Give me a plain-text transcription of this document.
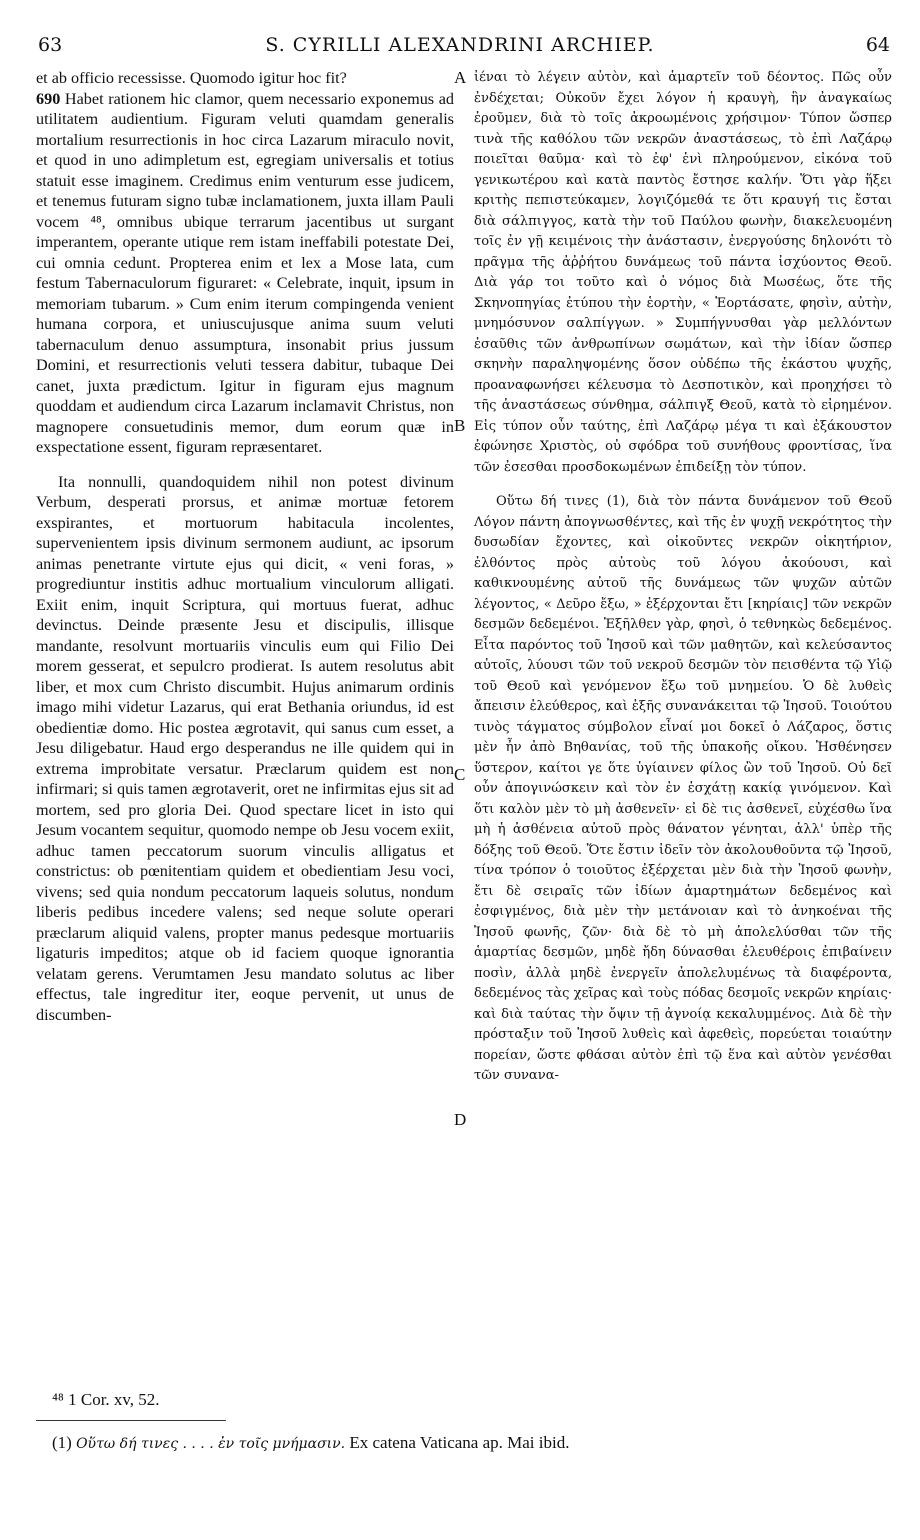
63	S. CYRILLI ALEXANDRINI ARCHIEP.	64

et ab officio recessisse. Quomodo igitur hoc fit?
690 Habet rationem hic clamor, quem necessario exponemus ad utilitatem audientium. Figuram veluti quamdam generalis mortalium resurrectionis in hoc circa Lazarum miraculo novit, et quod in uno adimpletum est, egregiam universalis et totius statuit esse imaginem. Credimus enim venturum esse judicem, et tenemus futuram signo tubæ inclamationem, juxta illam Pauli vocem ⁴⁸, omnibus ubique terrarum jacentibus ut surgant imperantem, operante utique rem istam ineffabili potestate Dei, cui omnia cedunt. Propterea enim et lex a Mose lata, cum festum Tabernaculorum figuraret: « Celebrate, inquit, ipsum in memoriam tubarum. » Cum enim iterum compingenda venient humana corpora, et uniuscujusque anima suum veluti tabernaculum denuo assumptura, insonabit prius jussum Domini, et resurrectionis veluti tessera dabitur, tubaque Dei canet, juxta prædictum. Igitur in figuram ejus magnum quoddam et audiendum circa Lazarum inclamavit Christus, non magnopere consuetudinis memor, dum eorum quæ in exspectatione essent, figuram repræsentaret.

Ita nonnulli, quandoquidem nihil non potest divinum Verbum, desperati prorsus, et animæ mortuæ fetorem exspirantes, et mortuorum habitacula incolentes, supervenientem ipsis divinum sermonem audiunt, ac ipsorum animas penetrante virtute ejus qui dicit, « veni foras, » progrediuntur institis adhuc mortualium vinculorum alligati. Exiit enim, inquit Scriptura, qui mortuus fuerat, adhuc devinctus. Deinde præsente Jesu et discipulis, illisque mandante, resolvunt mortuariis vinculis eum qui Filio Dei morem gesserat, et sepulcro prodierat. Is autem resolutus abit liber, et mox cum Christo discumbit. Hujus animarum ordinis imago mihi videtur Lazarus, qui erat Bethania oriundus, id est obedientiæ domo. Hic postea ægrotavit, qui sanus cum esset, a Jesu diligebatur. Haud ergo desperandus ne ille quidem qui in extrema improbitate versatur. Præclarum quidem est non infirmari; si quis tamen ægrotaverit, oret ne infirmitas ejus sit ad mortem, sed pro gloria Dei. Quod spectare licet in isto qui Jesum vocantem sequitur, quomodo nempe ob Jesu vocem exiit, adhuc tamen peccatorum suorum vinculis alligatus et constrictus: ob pœnitentiam quidem et obedientiam Jesu voci, vivens; sed quia nondum peccatorum laqueis solutus, nondum liberis pedibus incedere valens; sed neque solute operari præclarum aliquid valens, propter manus pedesque mortuariis ligaturis impeditos; atque ob id faciem quoque ignorantia velatam gerens. Verumtamen Jesu mandato solutus ac liber effectus, tale ingreditur iter, eoque pervenit, ut unus de discumben-

A
B
C
D

ἰέναι τὸ λέγειν αὐτὸν, καὶ ἁμαρτεῖν τοῦ δέοντος. Πῶς οὖν ἐνδέχεται; Οὐκοῦν ἔχει λόγον ἡ κραυγὴ, ἣν ἀναγκαίως ἐροῦμεν, διὰ τὸ τοῖς ἀκροωμένοις χρήσιμον· Τύπον ὥσπερ τινὰ τῆς καθόλου τῶν νεκρῶν ἀναστάσεως, τὸ ἐπὶ Λαζάρῳ ποιεῖται θαῦμα· καὶ τὸ ἐφ' ἑνὶ πληρούμενον, εἰκόνα τοῦ γενικωτέρου καὶ κατὰ παντὸς ἔστησε καλήν. Ὅτι γὰρ ἥξει κριτὴς πεπιστεύκαμεν, λογιζόμεθά τε ὅτι κραυγή τις ἔσται διὰ σάλπιγγος, κατὰ τὴν τοῦ Παύλου φωνὴν, διακελευομένη τοῖς ἐν γῇ κειμένοις τὴν ἀνάστασιν, ἐνεργούσης δηλονότι τὸ πρᾶγμα τῆς ἀῤῥήτου δυνάμεως τοῦ πάντα ἰσχύοντος Θεοῦ. Διὰ γάρ τοι τοῦτο καὶ ὁ νόμος διὰ Μωσέως, ὅτε τῆς Σκηνοπηγίας ἐτύπου τὴν ἑορτὴν, « Ἑορτάσατε, φησὶν, αὐτὴν, μνημόσυνον σαλπίγγων. » Συμπήγνυσθαι γὰρ μελλόντων ἐσαῦθις τῶν ἀνθρωπίνων σωμάτων, καὶ τὴν ἰδίαν ὥσπερ σκηνὴν παραληψομένης ὅσον οὐδέπω τῆς ἑκάστου ψυχῆς, προαναφωνήσει κέλευσμα τὸ Δεσποτικὸν, καὶ προηχήσει τὸ τῆς ἀναστάσεως σύνθημα, σάλπιγξ Θεοῦ, κατὰ τὸ εἰρημένον. Εἰς τύπον οὖν ταύτης, ἐπὶ Λαζάρῳ μέγα τι καὶ ἐξάκουστον ἐφώνησε Χριστὸς, οὐ σφόδρα τοῦ συνήθους φροντίσας, ἵνα τῶν ἐσεσθαι προσδοκωμένων ἐπιδείξῃ τὸν τύπον.

Οὕτω δή τινες (1), διὰ τὸν πάντα δυνάμενον τοῦ Θεοῦ Λόγον πάντη ἀπογνωσθέντες, καὶ τῆς ἐν ψυχῇ νεκρότητος τὴν δυσωδίαν ἔχοντες, καὶ οἰκοῦντες νεκρῶν οἰκητήριον, ἐλθόντος πρὸς αὐτοὺς τοῦ λόγου ἀκούουσι, καὶ καθικνουμένης αὐτοῦ τῆς δυνάμεως τῶν ψυχῶν αὐτῶν λέγοντος, « Δεῦρο ἔξω, » ἐξέρχονται ἔτι [κηρίαις] τῶν νεκρῶν δεσμῶν δεδεμένοι. Ἐξῆλθεν γὰρ, φησὶ, ὁ τεθνηκὼς δεδεμένος. Εἶτα παρόντος τοῦ Ἰησοῦ καὶ τῶν μαθητῶν, καὶ κελεύσαντος αὐτοῖς, λύουσι τῶν τοῦ νεκροῦ δεσμῶν τὸν πεισθέντα τῷ Υἱῷ τοῦ Θεοῦ καὶ γενόμενον ἔξω τοῦ μνημείου. Ὁ δὲ λυθεὶς ἄπεισιν ἐλεύθερος, καὶ ἑξῆς συνανάκειται τῷ Ἰησοῦ. Τοιούτου τινὸς τάγματος σύμβολον εἶναί μοι δοκεῖ ὁ Λάζαρος, ὅστις μὲν ἦν ἀπὸ Βηθανίας, τοῦ τῆς ὑπακοῆς οἴκου. Ἠσθένησεν ὕστερον, καίτοι γε ὅτε ὑγίαινεν φίλος ὢν τοῦ Ἰησοῦ. Οὐ δεῖ οὖν ἀπογινώσκειν καὶ τὸν ἐν ἐσχάτῃ κακίᾳ γινόμενον. Καὶ ὅτι καλὸν μὲν τὸ μὴ ἀσθενεῖν· εἰ δὲ τις ἀσθενεῖ, εὐχέσθω ἵνα μὴ ἡ ἀσθένεια αὐτοῦ πρὸς θάνατον γένηται, ἀλλ' ὑπὲρ τῆς δόξης τοῦ Θεοῦ. Ὅτε ἔστιν ἰδεῖν τὸν ἀκολουθοῦντα τῷ Ἰησοῦ, τίνα τρόπον ὁ τοιοῦτος ἐξέρχεται μὲν διὰ τὴν Ἰησοῦ φωνὴν, ἔτι δὲ σειραῖς τῶν ἰδίων ἁμαρτημάτων δεδεμένος καὶ ἐσφιγμένος, διὰ μὲν τὴν μετάνοιαν καὶ τὸ ἀνηκοέναι τῆς Ἰησοῦ φωνῆς, ζῶν· διὰ δὲ τὸ μὴ ἀπολελύσθαι τῶν τῆς ἁμαρτίας δεσμῶν, μηδὲ ἤδη δύνασθαι ἐλευθέροις ἐπιβαίνειν ποσὶν, ἀλλὰ μηδὲ ἐνεργεῖν ἀπολελυμένως τὰ διαφέροντα, δεδεμένος τὰς χεῖρας καὶ τοὺς πόδας δεσμοῖς νεκρῶν κηρίαις· καὶ διὰ ταύτας τὴν ὄψιν τῇ ἀγνοίᾳ κεκαλυμμένος. Διὰ δὲ τὴν πρόσταξιν τοῦ Ἰησοῦ λυθεὶς καὶ ἀφεθεὶς, πορεύεται τοιαύτην πορείαν, ὥστε φθάσαι αὐτὸν ἐπὶ τῷ ἕνα καὶ αὐτὸν γενέσθαι τῶν συνανα-

⁴⁸ 1 Cor. xv, 52.
(1) Οὕτω δή τινες . . . . ἐν τοῖς μνήμασιν. Ex catena Vaticana ap. Mai ibid.
